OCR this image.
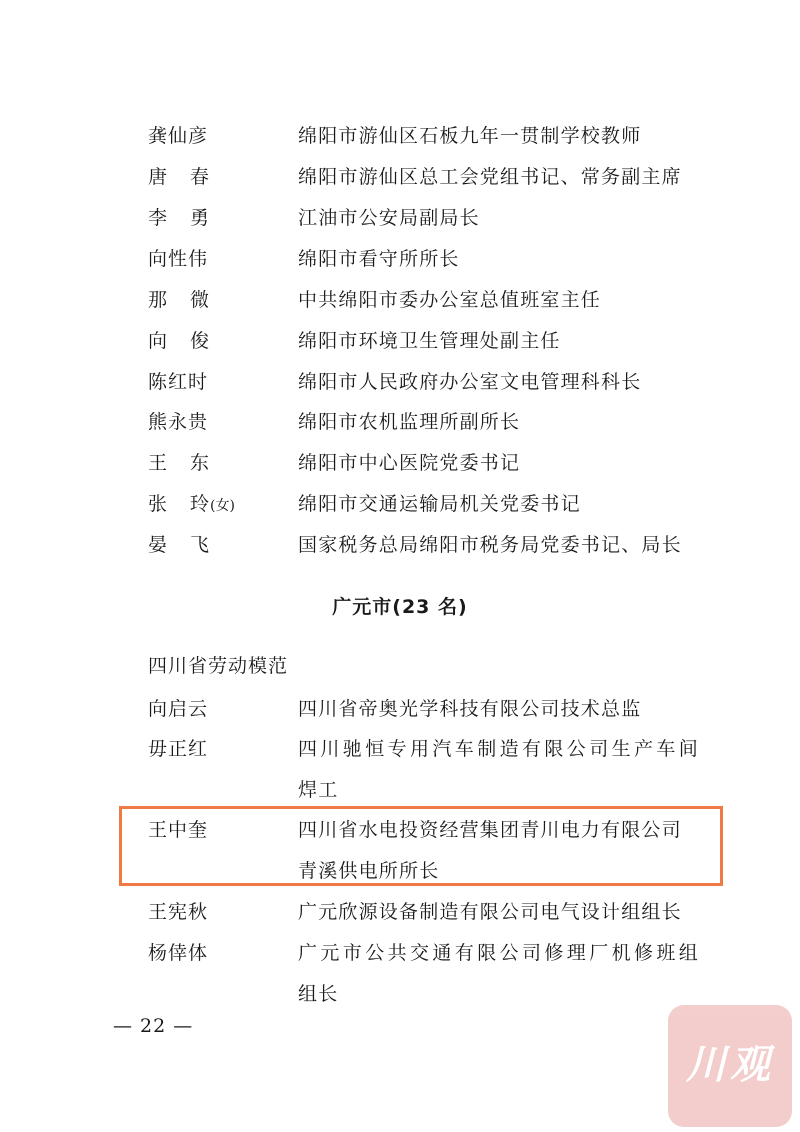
龚仙彦	绵阳市游仙区石板九年一贯制学校教师
唐 春	绵阳市游仙区总工会党组书记、常务副主席
李 勇	江油市公安局副局长
向性伟	绵阳市看守所所长
那 微	中共绵阳市委办公室总值班室主任
向 俊	绵阳市环境卫生管理处副主任
陈红时	绵阳市人民政府办公室文电管理科科长
熊永贵	绵阳市农机监理所副所长
王 东	绵阳市中心医院党委书记
张 玲(女)	绵阳市交通运输局机关党委书记
晏 飞	国家税务总局绵阳市税务局党委书记、局长
广元市(23 名)
四川省劳动模范
向启云	四川省帝奥光学科技有限公司技术总监
毋正红	四川驰恒专用汽车制造有限公司生产车间
焊工
王中奎	四川省水电投资经营集团青川电力有限公司
青溪供电所所长
王宪秋	广元欣源设备制造有限公司电气设计组组长
杨倖体	广元市公共交通有限公司修理厂机修班组
组长
— 22 —
川观
